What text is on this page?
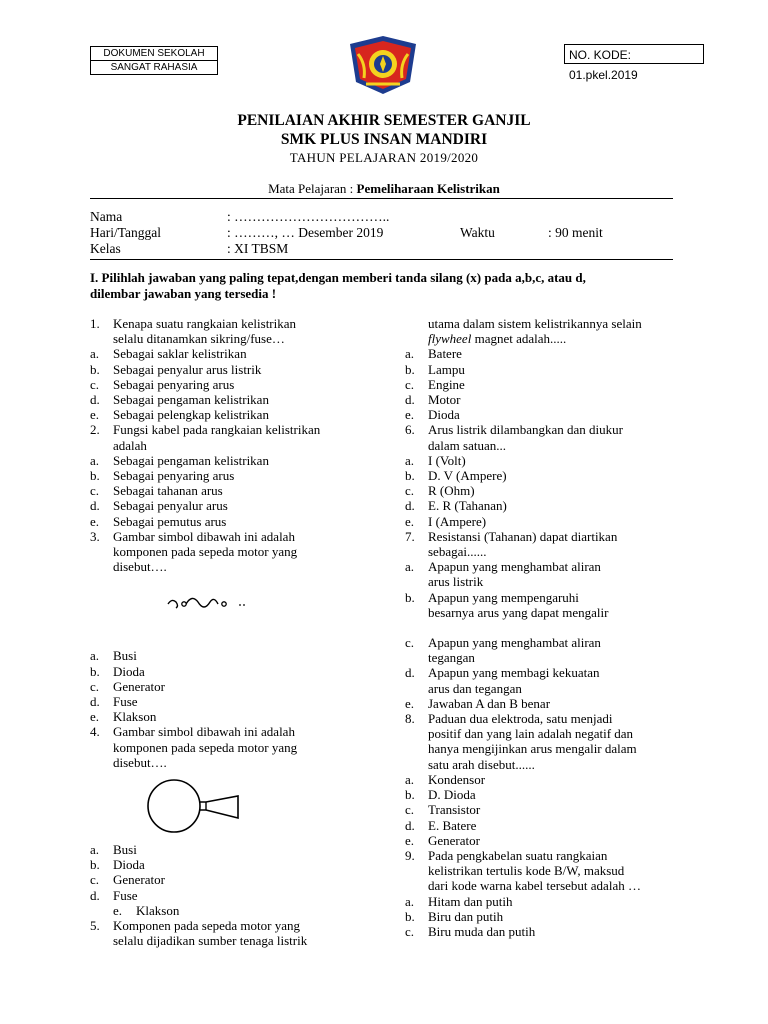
DOKUMEN SEKOLAH
SANGAT RAHASIA
NO. KODE: 01.pkel.2019
PENILAIAN AKHIR SEMESTER GANJIL
SMK PLUS INSAN MANDIRI
TAHUN PELAJARAN 2019/2020
Mata Pelajaran : Pemeliharaan Kelistrikan
Nama	: ……………………………..
Hari/Tanggal	: ………, … Desember 2019	Waktu	: 90 menit
Kelas	: XI TBSM
I. Pilihlah jawaban yang paling tepat,dengan memberi tanda silang (x) pada a,b,c, atau d,
dilembar jawaban yang tersedia !
1. Kenapa suatu rangkaian kelistrikan
selalu ditanamkan sikring/fuse…
a. Sebagai saklar kelistrikan
b. Sebagai penyalur arus listrik
c. Sebagai penyaring arus
d. Sebagai pengaman kelistrikan
e. Sebagai pelengkap kelistrikan
2. Fungsi kabel pada rangkaian kelistrikan
adalah
a. Sebagai pengaman kelistrikan
b. Sebagai penyaring arus
c. Sebagai tahanan arus
d. Sebagai penyalur arus
e. Sebagai pemutus arus
3. Gambar simbol dibawah ini adalah
komponen pada sepeda motor yang
disebut….
a. Busi
b. Dioda
c. Generator
d. Fuse
e. Klakson
4. Gambar simbol dibawah ini adalah
komponen pada sepeda motor yang
disebut….
a. Busi
b. Dioda
c. Generator
d. Fuse
e. Klakson
5. Komponen pada sepeda motor yang
selalu dijadikan sumber tenaga listrik
utama dalam sistem kelistrikannya selain
flywheel magnet adalah.....
a. Batere
b. Lampu
c. Engine
d. Motor
e. Dioda
6. Arus listrik dilambangkan dan diukur
dalam satuan...
a. I (Volt)
b. D. V (Ampere)
c. R (Ohm)
d. E. R (Tahanan)
e. I (Ampere)
7. Resistansi (Tahanan) dapat diartikan
sebagai......
a. Apapun yang menghambat aliran
arus listrik
b. Apapun yang mempengaruhi
besarnya arus yang dapat mengalir
c. Apapun yang menghambat aliran
tegangan
d. Apapun yang membagi kekuatan
arus dan tegangan
e. Jawaban A dan B benar
8. Paduan dua elektroda, satu menjadi
positif dan yang lain adalah negatif dan
hanya mengijinkan arus mengalir dalam
satu arah disebut......
a. Kondensor
b. D. Dioda
c. Transistor
d. E. Batere
e. Generator
9. Pada pengkabelan suatu rangkaian
kelistrikan tertulis kode B/W, maksud
dari kode warna kabel tersebut adalah …
a. Hitam dan putih
b. Biru dan putih
c. Biru muda dan putih
